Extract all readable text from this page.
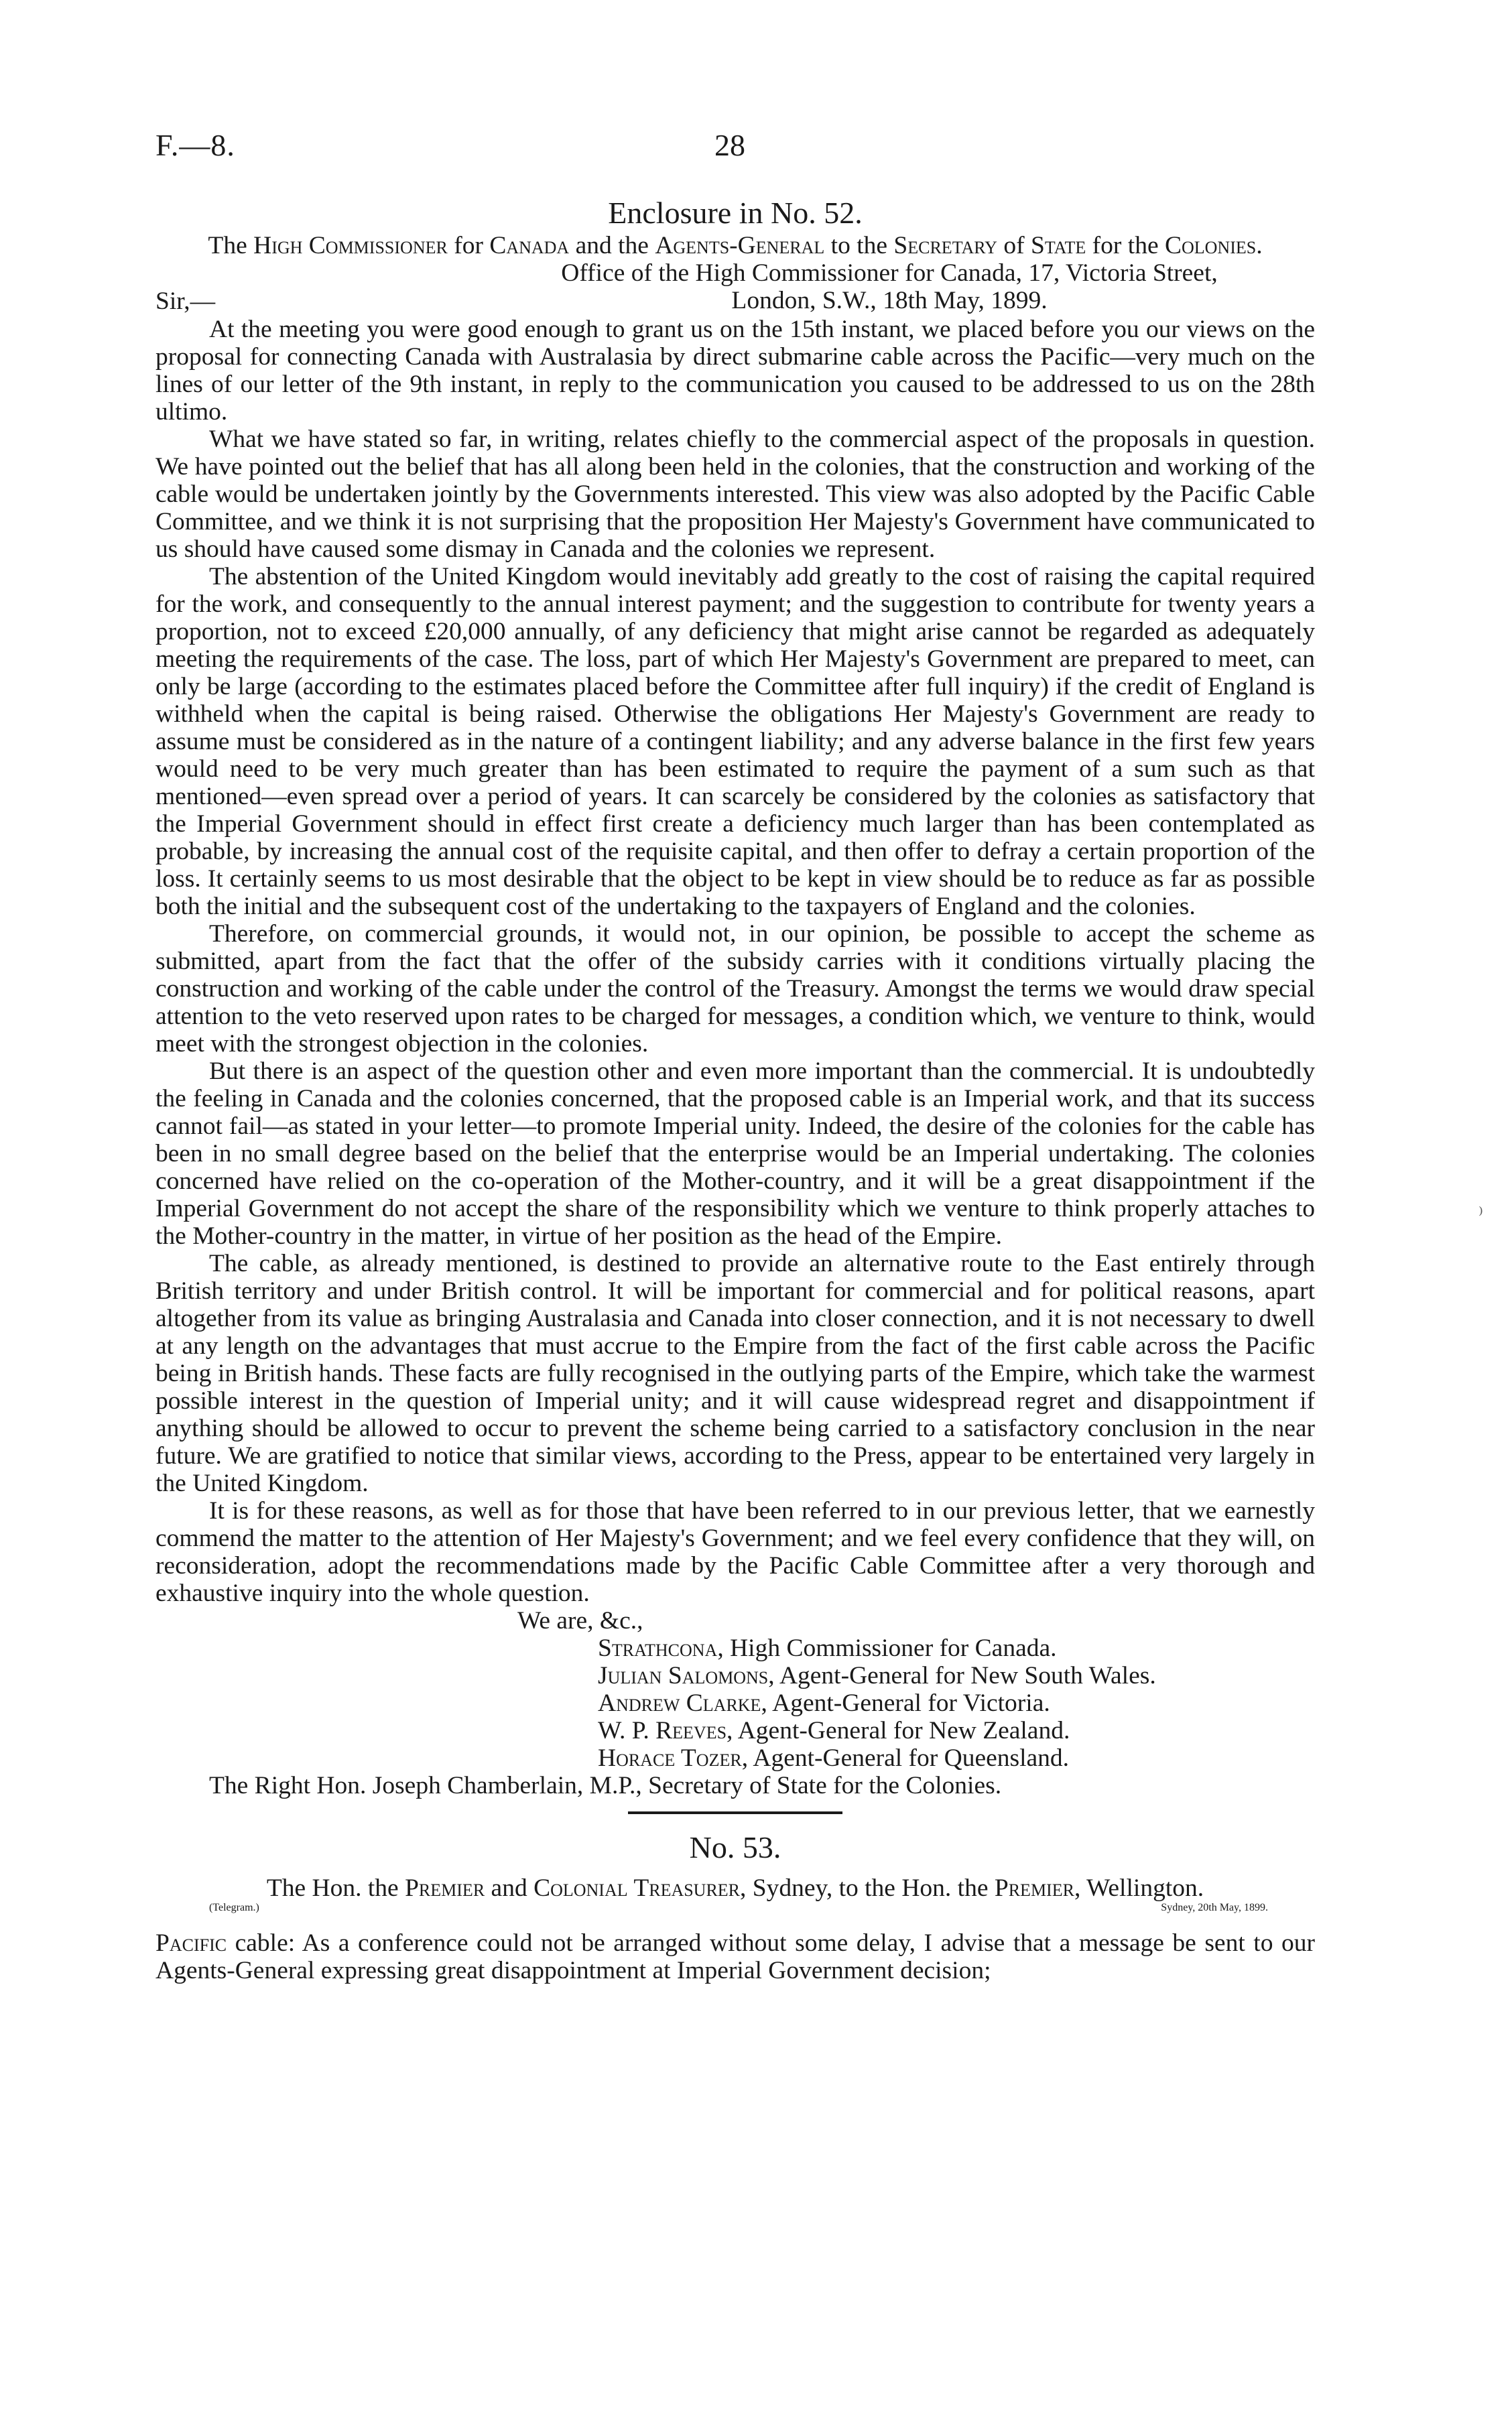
F.—8.	28
Enclosure in No. 52.

The High Commissioner for Canada and the Agents-General to the Secretary of State for the Colonies.

Office of the High Commissioner for Canada, 17, Victoria Street,
London, S.W., 18th May, 1899.
Sir,—

At the meeting you were good enough to grant us on the 15th instant, we placed before you our views on the proposal for connecting Canada with Australasia by direct submarine cable across the Pacific—very much on the lines of our letter of the 9th instant, in reply to the communication you caused to be addressed to us on the 28th ultimo.

What we have stated so far, in writing, relates chiefly to the commercial aspect of the proposals in question. We have pointed out the belief that has all along been held in the colonies, that the construction and working of the cable would be undertaken jointly by the Governments interested. This view was also adopted by the Pacific Cable Committee, and we think it is not surprising that the proposition Her Majesty's Government have communicated to us should have caused some dismay in Canada and the colonies we represent.

The abstention of the United Kingdom would inevitably add greatly to the cost of raising the capital required for the work, and consequently to the annual interest payment; and the suggestion to contribute for twenty years a proportion, not to exceed £20,000 annually, of any deficiency that might arise cannot be regarded as adequately meeting the requirements of the case. The loss, part of which Her Majesty's Government are prepared to meet, can only be large (according to the estimates placed before the Committee after full inquiry) if the credit of England is withheld when the capital is being raised. Otherwise the obligations Her Majesty's Government are ready to assume must be considered as in the nature of a contingent liability; and any adverse balance in the first few years would need to be very much greater than has been estimated to require the payment of a sum such as that mentioned—even spread over a period of years. It can scarcely be considered by the colonies as satisfactory that the Imperial Government should in effect first create a deficiency much larger than has been contemplated as probable, by increasing the annual cost of the requisite capital, and then offer to defray a certain proportion of the loss. It certainly seems to us most desirable that the object to be kept in view should be to reduce as far as possible both the initial and the subsequent cost of the undertaking to the taxpayers of England and the colonies.

Therefore, on commercial grounds, it would not, in our opinion, be possible to accept the scheme as submitted, apart from the fact that the offer of the subsidy carries with it conditions virtually placing the construction and working of the cable under the control of the Treasury. Amongst the terms we would draw special attention to the veto reserved upon rates to be charged for messages, a condition which, we venture to think, would meet with the strongest objection in the colonies.

But there is an aspect of the question other and even more important than the commercial. It is undoubtedly the feeling in Canada and the colonies concerned, that the proposed cable is an Imperial work, and that its success cannot fail—as stated in your letter—to promote Imperial unity. Indeed, the desire of the colonies for the cable has been in no small degree based on the belief that the enterprise would be an Imperial undertaking. The colonies concerned have relied on the co-operation of the Mother-country, and it will be a great disappointment if the Imperial Government do not accept the share of the responsibility which we venture to think properly attaches to the Mother-country in the matter, in virtue of her position as the head of the Empire.

The cable, as already mentioned, is destined to provide an alternative route to the East entirely through British territory and under British control. It will be important for commercial and for political reasons, apart altogether from its value as bringing Australasia and Canada into closer connection, and it is not necessary to dwell at any length on the advantages that must accrue to the Empire from the fact of the first cable across the Pacific being in British hands. These facts are fully recognised in the outlying parts of the Empire, which take the warmest possible interest in the question of Imperial unity; and it will cause widespread regret and disappointment if anything should be allowed to occur to prevent the scheme being carried to a satisfactory conclusion in the near future. We are gratified to notice that similar views, according to the Press, appear to be entertained very largely in the United Kingdom.

It is for these reasons, as well as for those that have been referred to in our previous letter, that we earnestly commend the matter to the attention of Her Majesty's Government; and we feel every confidence that they will, on reconsideration, adopt the recommendations made by the Pacific Cable Committee after a very thorough and exhaustive inquiry into the whole question.

We are, &c.,
Strathcona, High Commissioner for Canada.
Julian Salomons, Agent-General for New South Wales.
Andrew Clarke, Agent-General for Victoria.
W. P. Reeves, Agent-General for New Zealand.
Horace Tozer, Agent-General for Queensland.
The Right Hon. Joseph Chamberlain, M.P., Secretary of State for the Colonies.
No. 53.

The Hon. the Premier and Colonial Treasurer, Sydney, to the Hon. the Premier, Wellington.

(Telegram.)	Sydney, 20th May, 1899.

Pacific cable: As a conference could not be arranged without some delay, I advise that a message be sent to our Agents-General expressing great disappointment at Imperial Government decision;

⁾
